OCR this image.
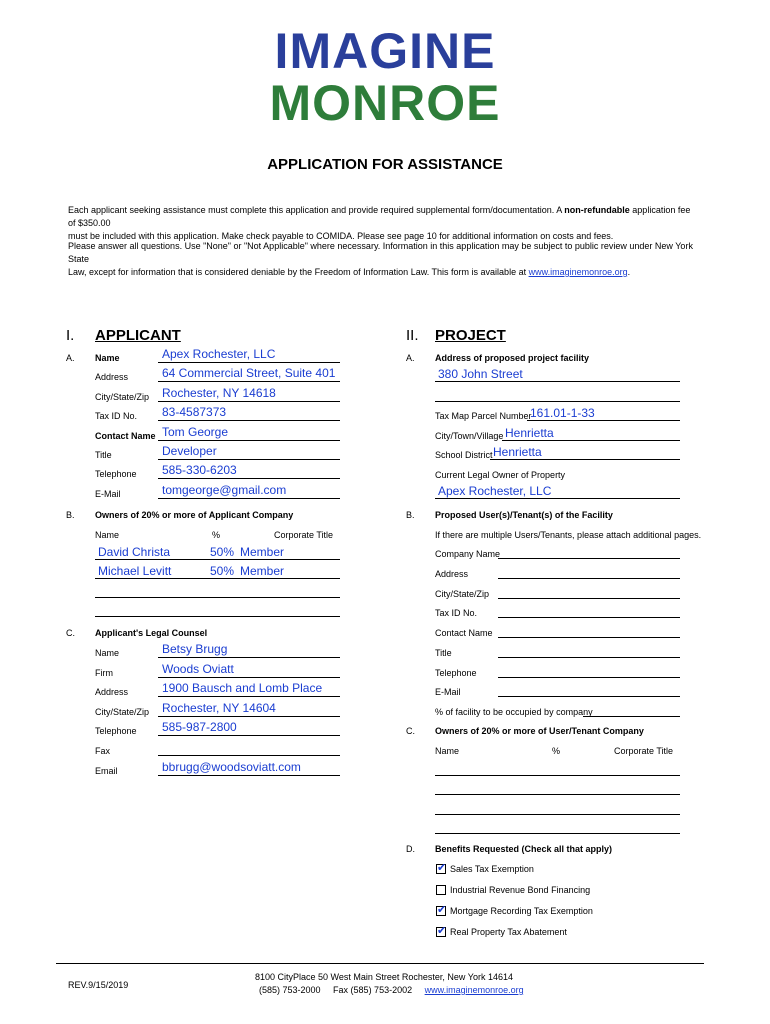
IMAGINE
MONROE
APPLICATION FOR ASSISTANCE
Each applicant seeking assistance must complete this application and provide required supplemental form/documentation. A non-refundable application fee of $350.00
must be included with this application. Make check payable to COMIDA. Please see page 10 for additional information on costs and fees.
Please answer all questions. Use "None" or "Not Applicable" where necessary. Information in this application may be subject to public review under New York State
Law, except for information that is considered deniable by the Freedom of Information Law. This form is available at www.imaginemonroe.org.
I. APPLICANT
A. Name	Apex Rochester, LLC
Address	64 Commercial Street, Suite 401
City/State/Zip Rochester, NY 14618
Tax ID No. 83-4587373
Contact Name Tom George
Title	Developer
Telephone 585-330-6203
E-Mail	tomgeorge@gmail.com
B. Owners of 20% or more of Applicant Company
Name	%	Corporate Title
David Christa	50% Member
Michael Levitt	50% Member
C. Applicant's Legal Counsel
Name	Betsy Brugg
Firm	Woods Oviatt
Address	1900 Bausch and Lomb Place
City/State/Zip Rochester, NY 14604
Telephone 585-987-2800
Fax
Email	bbrugg@woodsoviatt.com
II. PROJECT
A. Address of proposed project facility
380 John Street
Tax Map Parcel Number
161.01-1-33
City/Town/Village Henrietta
School District Henrietta
Current Legal Owner of Property
Apex Rochester, LLC
B. Proposed User(s)/Tenant(s) of the Facility
If there are multiple Users/Tenants, please attach additional pages.
Company Name
Address
City/State/Zip
Tax ID No.
Contact Name
Title
Telephone
E-Mail
% of facility to be occupied by company
C. Owners of 20% or more of User/Tenant Company
Name	%	Corporate Title
D. Benefits Requested (Check all that apply)
✔ Sales Tax Exemption
Industrial Revenue Bond Financing
✔ Mortgage Recording Tax Exemption
✔ Real Property Tax Abatement
REV.9/15/2019
8100 CityPlace 50 West Main Street Rochester, New York 14614
(585) 753-2000     Fax (585) 753-2002     www.imaginemonroe.org
